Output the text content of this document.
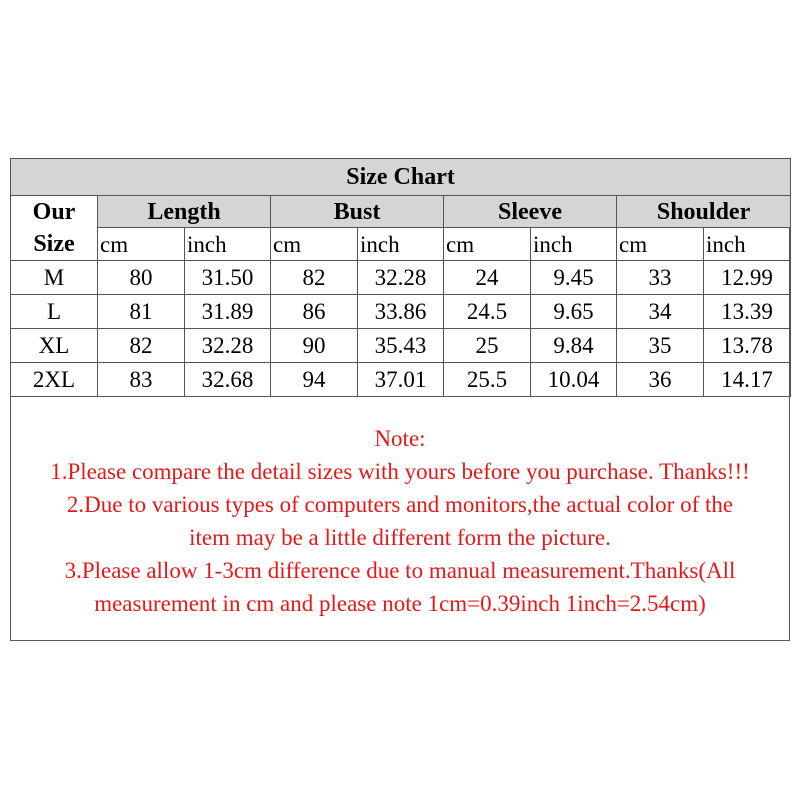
Size Chart								

Our
Size	Length		Bust		Sleeve		Shoulder	
	cm	inch	cm	inch	cm	inch	cm	inch
M	80	31.50	82	32.28	24	9.45	33	12.99
L	81	31.89	86	33.86	24.5	9.65	34	13.39
XL	82	32.28	90	35.43	25	9.84	35	13.78
2XL	83	32.68	94	37.01	25.5	10.04	36	14.17
Note:
1.Please compare the detail sizes with yours before you purchase. Thanks!!!
2.Due to various types of computers and monitors,the actual color of the
item may be a little different form the picture.
3.Please allow 1-3cm difference due to manual measurement.Thanks(All
measurement in cm and please note 1cm=0.39inch 1inch=2.54cm)
